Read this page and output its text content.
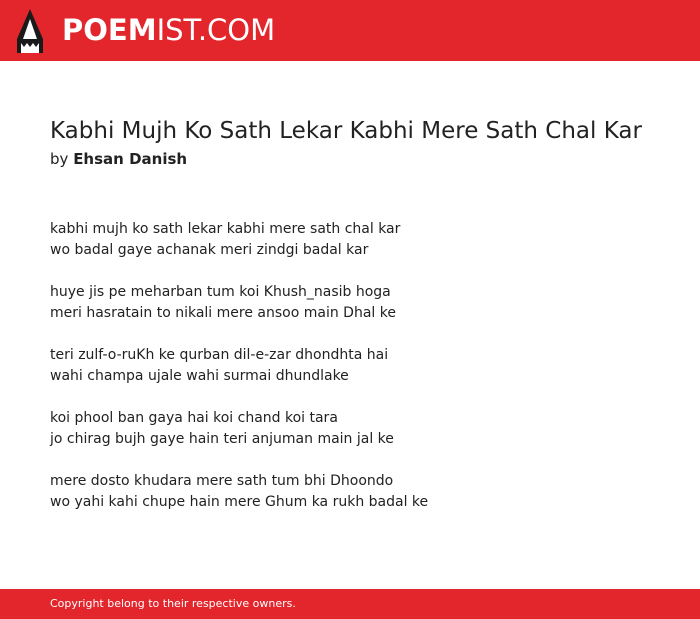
POEMIST.COM
Kabhi Mujh Ko Sath Lekar Kabhi Mere Sath Chal Kar
by Ehsan Danish
kabhi mujh ko sath lekar kabhi mere sath chal kar
wo badal gaye achanak meri zindgi badal kar
huye jis pe meharban tum koi Khush_nasib hoga
meri hasratain to nikali mere ansoo main Dhal ke
teri zulf-o-ruKh ke qurban dil-e-zar dhondhta hai
wahi champa ujale wahi surmai dhundlake
koi phool ban gaya hai koi chand koi tara
jo chirag bujh gaye hain teri anjuman main jal ke
mere dosto khudara mere sath tum bhi Dhoondo
wo yahi kahi chupe hain mere Ghum ka rukh badal ke
Copyright belong to their respective owners.
